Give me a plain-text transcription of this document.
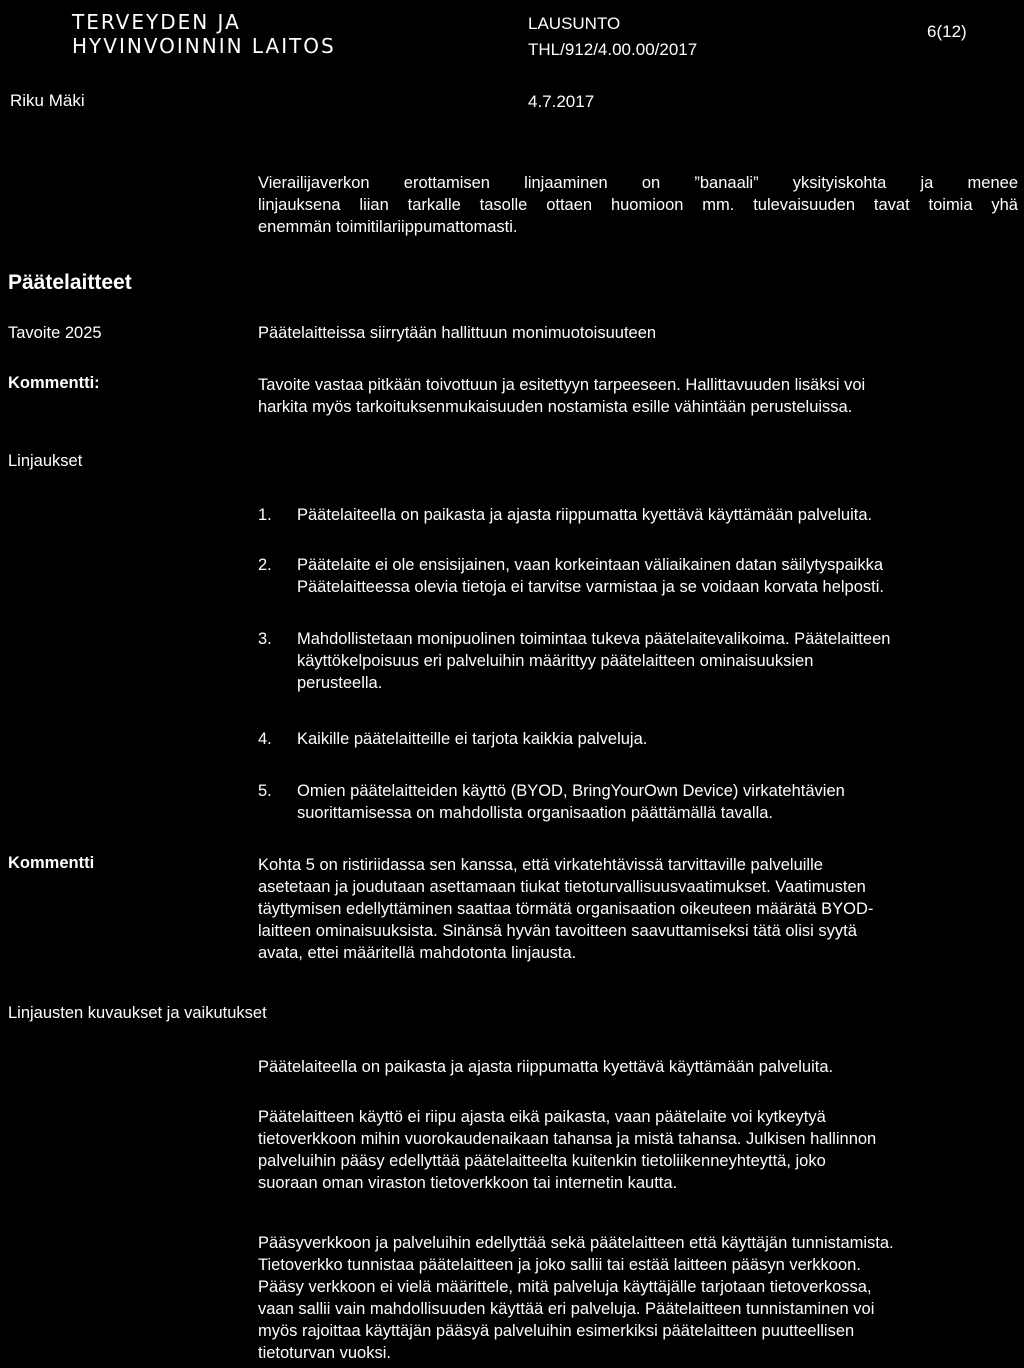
TERVEYDEN JA
HYVINVOINNIN LAITOS
LAUSUNTO
THL/912/4.00.00/2017
6(12)
Riku Mäki	4.7.2017
Vierailijaverkon erottamisen linjaaminen on ”banaali” yksityiskohta ja menee
linjauksena liian tarkalle tasolle ottaen huomioon mm. tulevaisuuden tavat toimia yhä
enemmän toimitilariippumattomasti.
Päätelaitteet
Tavoite 2025	Päätelaitteissa siirrytään hallittuun monimuotoisuuteen
Kommentti:	Tavoite vastaa pitkään toivottuun ja esitettyyn tarpeeseen. Hallittavuuden lisäksi voi
harkita myös tarkoituksenmukaisuuden nostamista esille vähintään perusteluissa.
Linjaukset
1.	Päätelaiteella on paikasta ja ajasta riippumatta kyettävä käyttämään palveluita.
2.	Päätelaite ei ole ensisijainen, vaan korkeintaan väliaikainen datan säilytyspaikka
Päätelaitteessa olevia tietoja ei tarvitse varmistaa ja se voidaan korvata helposti.
3.	Mahdollistetaan monipuolinen toimintaa tukeva päätelaitevalikoima. Päätelaitteen
käyttökelpoisuus eri palveluihin määrittyy päätelaitteen ominaisuuksien
perusteella.
4.	Kaikille päätelaitteille ei tarjota kaikkia palveluja.
5.	Omien päätelaitteiden käyttö (BYOD, BringYourOwn Device) virkatehtävien
suorittamisessa on mahdollista organisaation päättämällä tavalla.
Kommentti	Kohta 5 on ristiriidassa sen kanssa, että virkatehtävissä tarvittaville palveluille
asetetaan ja joudutaan asettamaan tiukat tietoturvallisuusvaatimukset. Vaatimusten
täyttymisen edellyttäminen saattaa törmätä organisaation oikeuteen määrätä BYOD-
laitteen ominaisuuksista. Sinänsä hyvän tavoitteen saavuttamiseksi tätä olisi syytä
avata, ettei määritellä mahdotonta linjausta.
Linjausten kuvaukset ja vaikutukset
Päätelaiteella on paikasta ja ajasta riippumatta kyettävä käyttämään palveluita.
Päätelaitteen käyttö ei riipu ajasta eikä paikasta, vaan päätelaite voi kytkeytyä
tietoverkkoon mihin vuorokaudenaikaan tahansa ja mistä tahansa. Julkisen hallinnon
palveluihin pääsy edellyttää päätelaitteelta kuitenkin tietoliikenneyhteyttä, joko
suoraan oman viraston tietoverkkoon tai internetin kautta.
Pääsyverkkoon ja palveluihin edellyttää sekä päätelaitteen että käyttäjän tunnistamista.
Tietoverkko tunnistaa päätelaitteen ja joko sallii tai estää laitteen pääsyn verkkoon.
Pääsy verkkoon ei vielä määrittele, mitä palveluja käyttäjälle tarjotaan tietoverkossa,
vaan sallii vain mahdollisuuden käyttää eri palveluja. Päätelaitteen tunnistaminen voi
myös rajoittaa käyttäjän pääsyä palveluihin esimerkiksi päätelaitteen puutteellisen
tietoturvan vuoksi.
